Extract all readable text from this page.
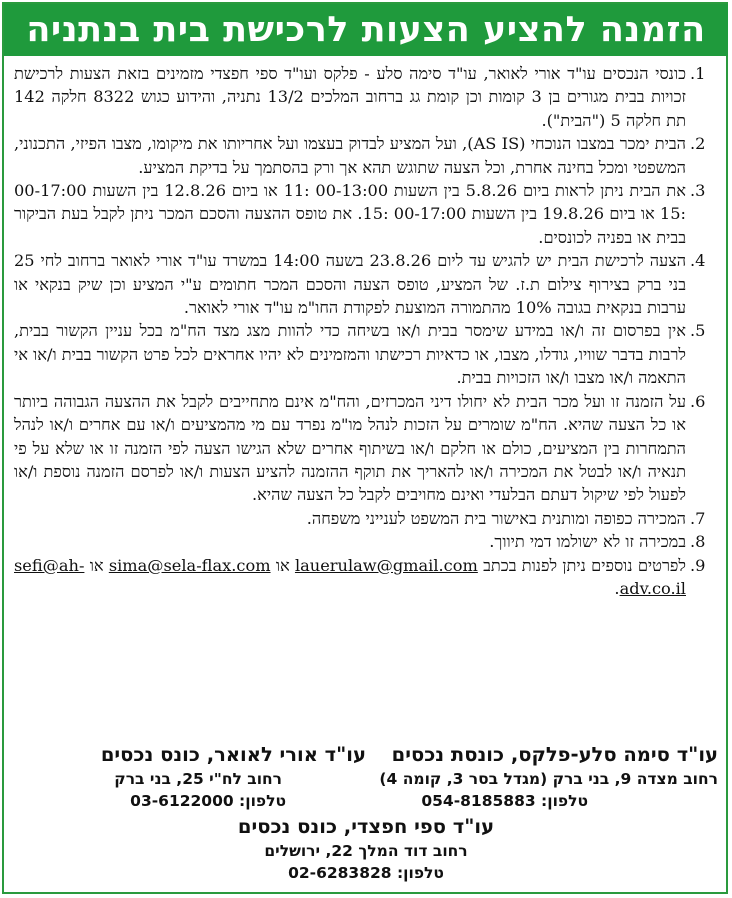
הזמנה להציע הצעות לרכישת בית בנתניה
1.
כונסי הנכסים עו"ד אורי לאואר, עו"ד סימה סלע - פלקס ועו"ד ספי חפצדי מזמינים בזאת הצעות לרכישת זכויות בבית מגורים בן 3 קומות וכן קומת גג ברחוב המלכים 13/2 נתניה, והידוע כגוש 8322 חלקה 142 תת חלקה 5 ("הבית").
2.
הבית ימכר במצבו הנוכחי (AS IS), ועל המציע לבדוק בעצמו ועל אחריותו את מיקומו, מצבו הפיזי, התכנוני, המשפטי ומכל בחינה אחרת, וכל הצעה שתוגש תהא אך ורק בהסתמך על בדיקת המציע.
3.
את הבית ניתן לראות ביום 5.8.26 בין השעות 00-13:00 :11 או ביום 12.8.26 בין השעות 00-17:00 :15 או ביום 19.8.26 בין השעות 00-17:00 :15. את טופס ההצעה והסכם המכר ניתן לקבל בעת הביקור בבית או בפניה לכונסים.
4.
הצעה לרכישת הבית יש להגיש עד ליום 23.8.26 בשעה 14:00 במשרד עו"ד אורי לאואר ברחוב לחי 25 בני ברק בצירוף צילום ת.ז. של המציע, טופס הצעה והסכם המכר חתומים ע"י המציע וכן שיק בנקאי או ערבות בנקאית בגובה 10% מהתמורה המוצעת לפקודת החו"מ עו"ד אורי לאואר.
5.
אין בפרסום זה ו/או במידע שימסר בבית ו/או בשיחה כדי להוות מצג מצד הח"מ בכל עניין הקשור בבית, לרבות בדבר שוויו, גודלו, מצבו, או כדאיות רכישתו והמזמינים לא יהיו אחראים לכל פרט הקשור בבית ו/או אי התאמה ו/או מצבו ו/או הזכויות בבית.
6.
על הזמנה זו ועל מכר הבית לא יחולו דיני המכרזים, והח"מ אינם מתחייבים לקבל את ההצעה הגבוהה ביותר או כל הצעה שהיא. הח"מ שומרים על הזכות לנהל מו"מ נפרד עם מי מהמציעים ו/או עם אחרים ו/או לנהל התמחרות בין המציעים, כולם או חלקם ו/או בשיתוף אחרים שלא הגישו הצעה לפי הזמנה זו או שלא על פי תנאיה ו/או לבטל את המכירה ו/או להאריך את תוקף ההזמנה להציע הצעות ו/או לפרסם הזמנה נוספת ו/או לפעול לפי שיקול דעתם הבלעדי ואינם מחויבים לקבל כל הצעה שהיא.
7.
המכירה כפופה ומותנית באישור בית המשפט לענייני משפחה.
8.
במכירה זו לא ישולמו דמי תיווך.
9.
לפרטים נוספים ניתן לפנות בכתב lauerulaw@gmail.com או sima@sela-flax.com או sefi@ah-adv.co.il.
עו"ד סימה סלע-פלקס, כונסת נכסים
רחוב מצדה 9, בני ברק (מגדל בסר 3, קומה 4)
טלפון: 054-8185883
עו"ד אורי לאואר, כונס נכסים
רחוב לח"י 25, בני ברק
טלפון: 03-6122000
עו"ד ספי חפצדי, כונס נכסים
רחוב דוד המלך 22, ירושלים
טלפון: 02-6283828
